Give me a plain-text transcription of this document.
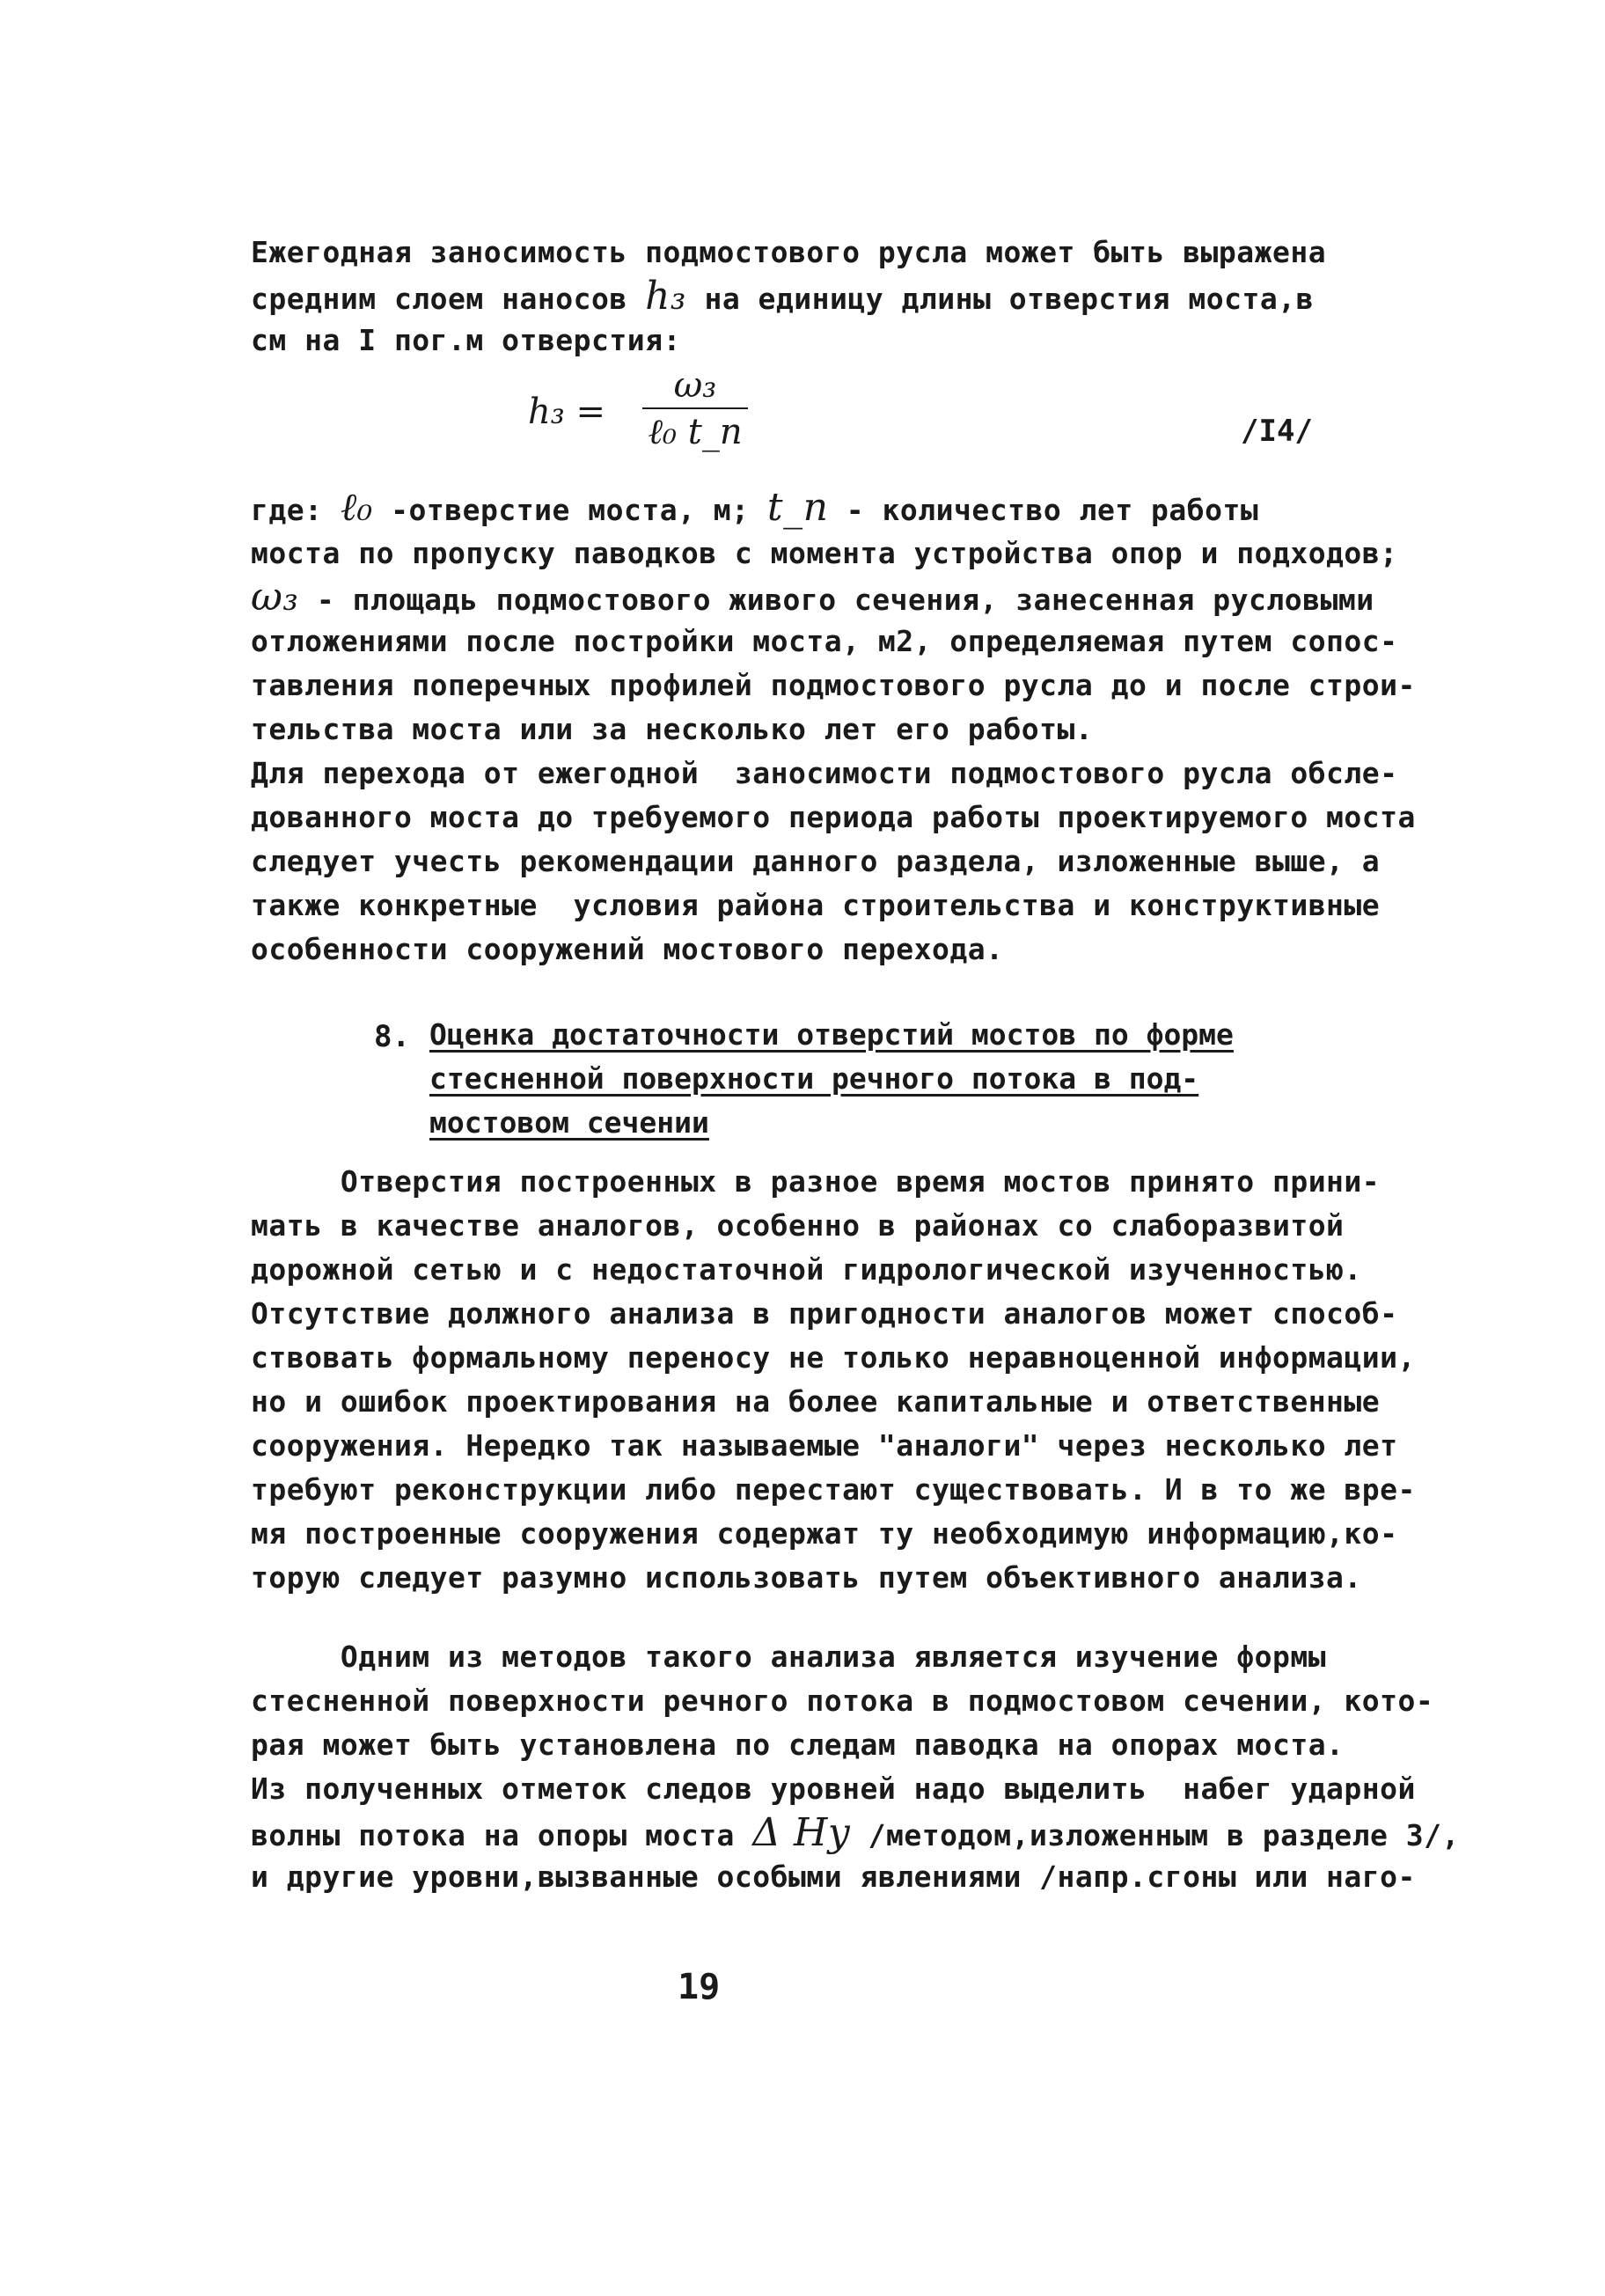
Ежегодная заносимость подмостового русла может быть выражена
средним слоем наносов h₃ на единицу длины отверстия моста,в
см на I пог.м отверстия:
h₃ =
ω₃
ℓ₀ t_n	/I4/
где: ℓ₀ -отверстие моста, м; t_n - количество лет работы
моста по пропуску паводков с момента устройства опор и подходов;
ω₃ - площадь подмостового живого сечения, занесенная русловыми
отложениями после постройки моста, м2, определяемая путем сопос-
тавления поперечных профилей подмостового русла до и после строи-
тельства моста или за несколько лет его работы.
Для перехода от ежегодной  заносимости подмостового русла обсле-
дованного моста до требуемого периода работы проектируемого моста
следует учесть рекомендации данного раздела, изложенные выше, а
также конкретные  условия района строительства и конструктивные
особенности сооружений мостового перехода.
8. Оценка достаточности отверстий мостов по форме
стесненной поверхности речного потока в под-
мостовом сечении
Отверстия построенных в разное время мостов принято прини-
мать в качестве аналогов, особенно в районах со слаборазвитой
дорожной сетью и с недостаточной гидрологической изученностью.
Отсутствие должного анализа в пригодности аналогов может способ-
ствовать формальному переносу не только неравноценной информации,
но и ошибок проектирования на более капитальные и ответственные
сооружения. Нередко так называемые "аналоги" через несколько лет
требуют реконструкции либо перестают существовать. И в то же вре-
мя построенные сооружения содержат ту необходимую информацию,ко-
торую следует разумно использовать путем объективного анализа.
Одним из методов такого анализа является изучение формы
стесненной поверхности речного потока в подмостовом сечении, кото-
рая может быть установлена по следам паводка на опорах моста.
Из полученных отметок следов уровней надо выделить  набег ударной
волны потока на опоры моста Δ Hy /методом,изложенным в разделе 3/,
и другие уровни,вызванные особыми явлениями /напр.сгоны или наго-
19
